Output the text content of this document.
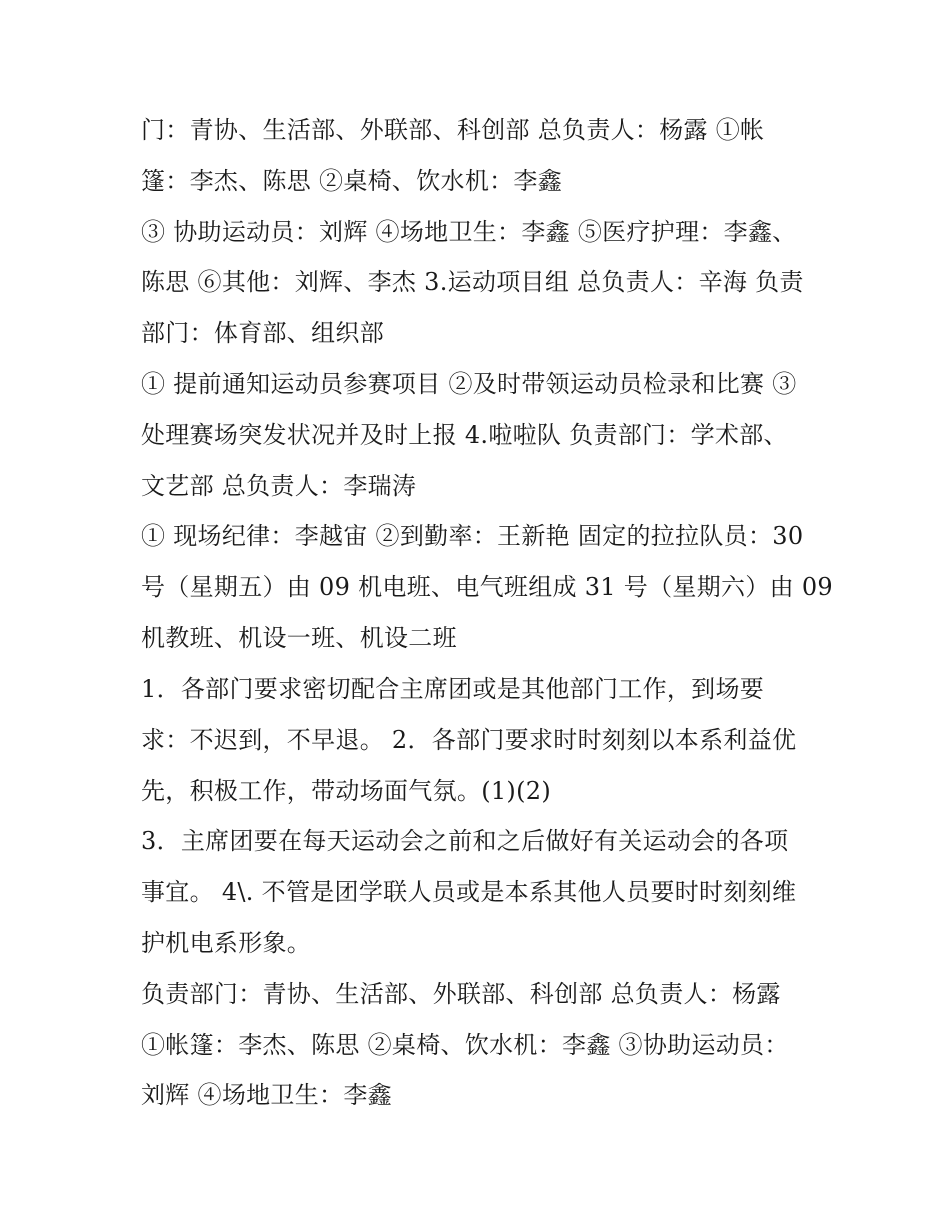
门：青协、生活部、外联部、科创部 总负责人：杨露 ①帐
篷：李杰、陈思 ②桌椅、饮水机：李鑫
③ 协助运动员：刘辉 ④场地卫生：李鑫 ⑤医疗护理：李鑫、
陈思 ⑥其他：刘辉、李杰 3.运动项目组 总负责人：辛海 负责
部门：体育部、组织部
① 提前通知运动员参赛项目 ②及时带领运动员检录和比赛 ③
处理赛场突发状况并及时上报 4.啦啦队 负责部门：学术部、
文艺部 总负责人：李瑞涛
① 现场纪律：李越宙 ②到勤率：王新艳 固定的拉拉队员：30
号（星期五）由 09 机电班、电气班组成 31 号（星期六）由 09
机教班、机设一班、机设二班
1．各部门要求密切配合主席团或是其他部门工作，到场要
求：不迟到，不早退。 2．各部门要求时时刻刻以本系利益优
先，积极工作，带动场面气氛。(1)(2)
3．主席团要在每天运动会之前和之后做好有关运动会的各项
事宜。 4\. 不管是团学联人员或是本系其他人员要时时刻刻维
护机电系形象。
负责部门：青协、生活部、外联部、科创部 总负责人：杨露
①帐篷：李杰、陈思 ②桌椅、饮水机：李鑫 ③协助运动员：
刘辉 ④场地卫生：李鑫
